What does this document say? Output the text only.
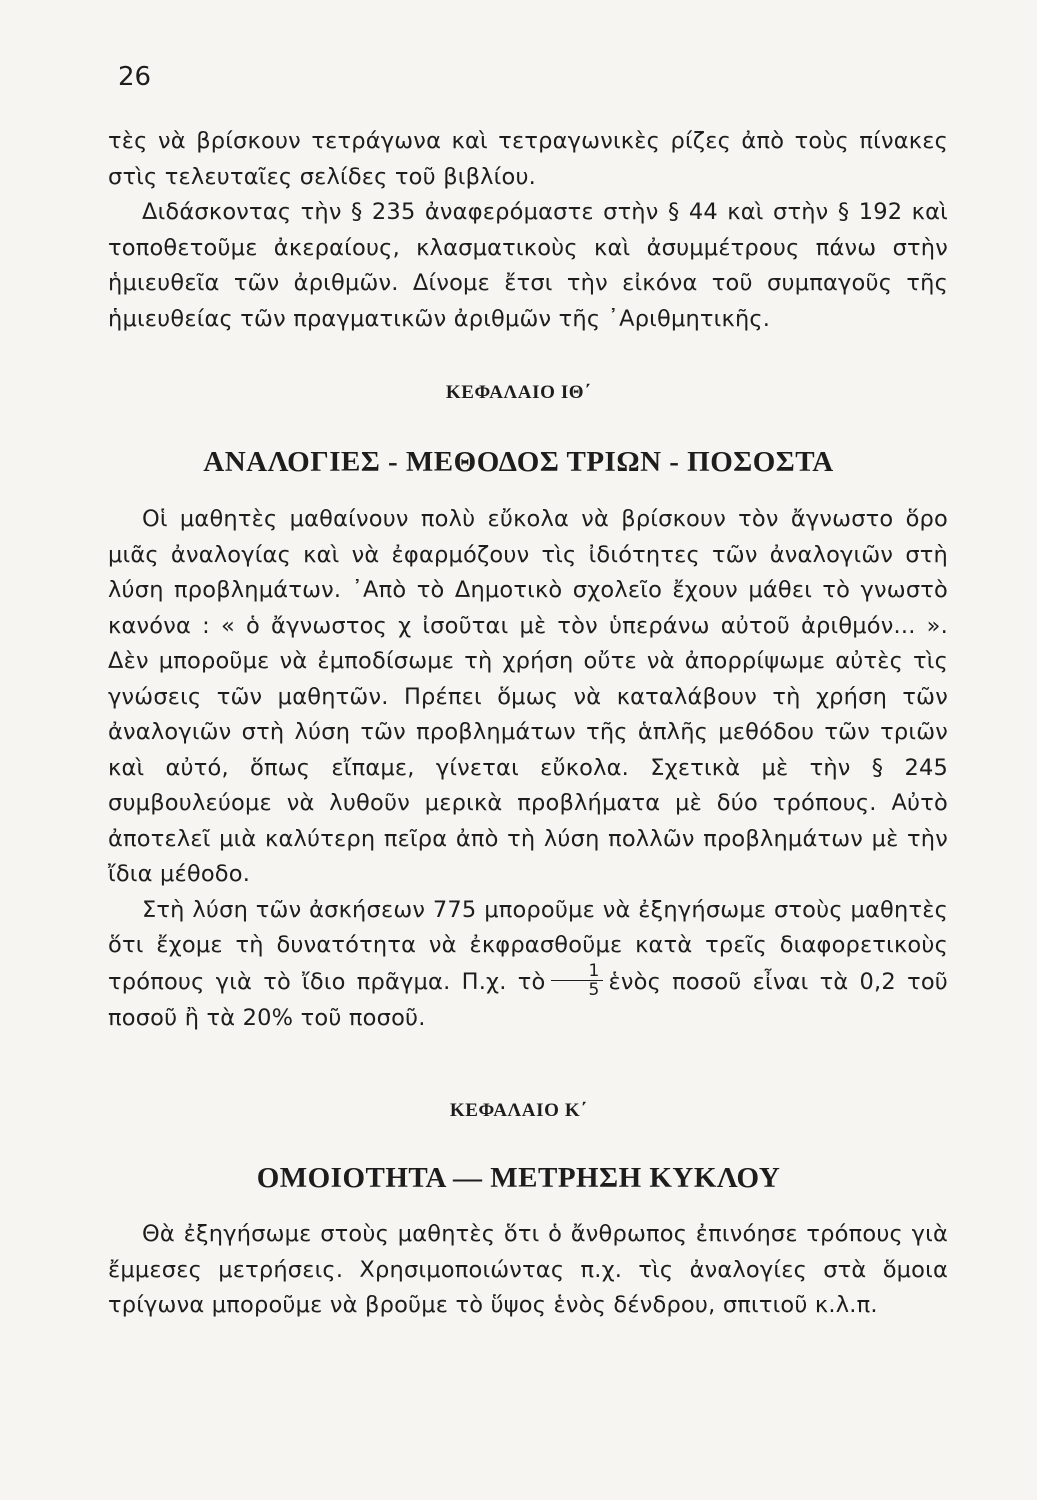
26

τὲς νὰ βρίσκουν τετράγωνα καὶ τετραγωνικὲς ρίζες ἀπὸ τοὺς πίνακες στὶς τελευταῖες σελίδες τοῦ βιβλίου.

Διδάσκοντας τὴν § 235 ἀναφερόμαστε στὴν § 44 καὶ στὴν § 192 καὶ τοποθετοῦμε ἀκεραίους, κλασματικοὺς καὶ ἀσυμμέτρους πάνω στὴν ἡμιευθεῖα τῶν ἀριθμῶν. Δίνομε ἔτσι τὴν εἰκόνα τοῦ συμπαγοῦς τῆς ἡμιευθείας τῶν πραγματικῶν ἀριθμῶν τῆς ᾿Αριθμητικῆς.

ΚΕΦΑΛΑΙΟ ΙΘ΄
ΑΝΑΛΟΓΙΕΣ - ΜΕΘΟΔΟΣ ΤΡΙΩΝ - ΠΟΣΟΣΤΑ

Οἱ μαθητὲς μαθαίνουν πολὺ εὔκολα νὰ βρίσκουν τὸν ἄγνωστο ὅρο μιᾶς ἀναλογίας καὶ νὰ ἐφαρμόζουν τὶς ἰδιότητες τῶν ἀναλογιῶν στὴ λύση προβλημάτων. ᾿Απὸ τὸ Δημοτικὸ σχολεῖο ἔχουν μάθει τὸ γνωστὸ κανόνα : « ὁ ἄγνωστος χ ἰσοῦται μὲ τὸν ὑπεράνω αὐτοῦ ἀριθμόν... ». Δὲν μποροῦμε νὰ ἐμποδίσωμε τὴ χρήση οὔτε νὰ ἀπορρίψωμε αὐτὲς τὶς γνώσεις τῶν μαθητῶν. Πρέπει ὅμως νὰ καταλάβουν τὴ χρήση τῶν ἀναλογιῶν στὴ λύση τῶν προβλημάτων τῆς ἁπλῆς μεθόδου τῶν τριῶν καὶ αὐτό, ὅπως εἴπαμε, γίνεται εὔκολα. Σχετικὰ μὲ τὴν § 245 συμβουλεύομε νὰ λυθοῦν μερικὰ προβλήματα μὲ δύο τρόπους. Αὐτὸ ἀποτελεῖ μιὰ καλύτερη πεῖρα ἀπὸ τὴ λύση πολλῶν προβλημάτων μὲ τὴν ἴδια μέθοδο.

Στὴ λύση τῶν ἀσκήσεων 775 μποροῦμε νὰ ἐξηγήσωμε στοὺς μαθητὲς ὅτι ἔχομε τὴ δυνατότητα νὰ ἐκφρασθοῦμε κατὰ τρεῖς διαφορετικοὺς τρόπους γιὰ τὸ ἴδιο πρᾶγμα. Π.χ. τὸ $\frac{1}{5}$ ἑνὸς ποσοῦ εἶναι τὰ 0,2 τοῦ ποσοῦ ἢ τὰ 20% τοῦ ποσοῦ.

ΚΕΦΑΛΑΙΟ Κ΄
ΟΜΟΙΟΤΗΤΑ — ΜΕΤΡΗΣΗ ΚΥΚΛΟΥ

Θὰ ἐξηγήσωμε στοὺς μαθητὲς ὅτι ὁ ἄνθρωπος ἐπινόησε τρόπους γιὰ ἔμμεσες μετρήσεις. Χρησιμοποιώντας π.χ. τὶς ἀναλογίες στὰ ὅμοια τρίγωνα μποροῦμε νὰ βροῦμε τὸ ὕψος ἑνὸς δένδρου, σπιτιοῦ κ.λ.π.
